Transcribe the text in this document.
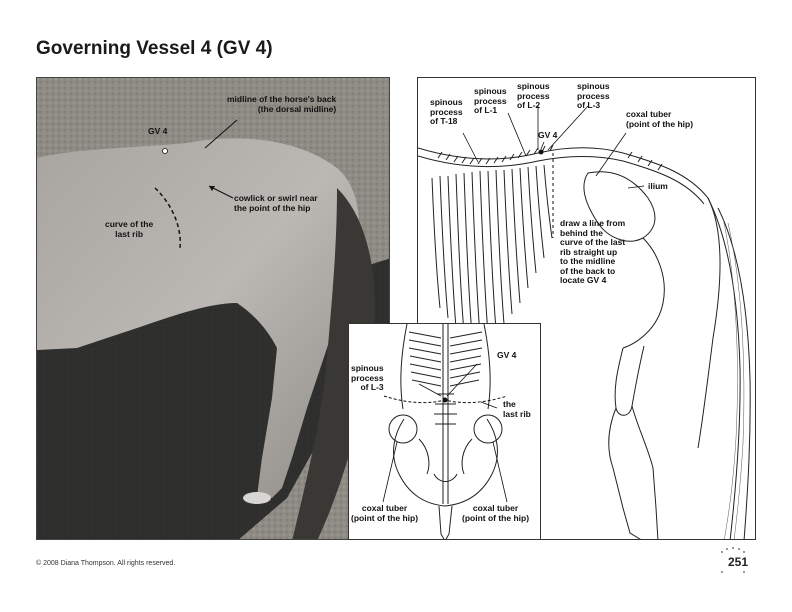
Governing Vessel 4 (GV 4)
GV 4
midline of the horse's back
(the dorsal midline)
cowlick or swirl near
the point of the hip
curve of the
last rib
spinous
process
of T-18
spinous
process
of L-1
spinous
process
of L-2
spinous
process
of L-3
coxal tuber
(point of the hip)
GV 4
ilium
draw a line from
behind the
curve of the last
rib straight up
to the midline
of the back to
locate GV 4
spinous
process
of L-3
GV 4
the
last rib
coxal tuber
(point of the hip)
coxal tuber
(point of the hip)
© 2008 Diana Thompson. All rights reserved.	251
